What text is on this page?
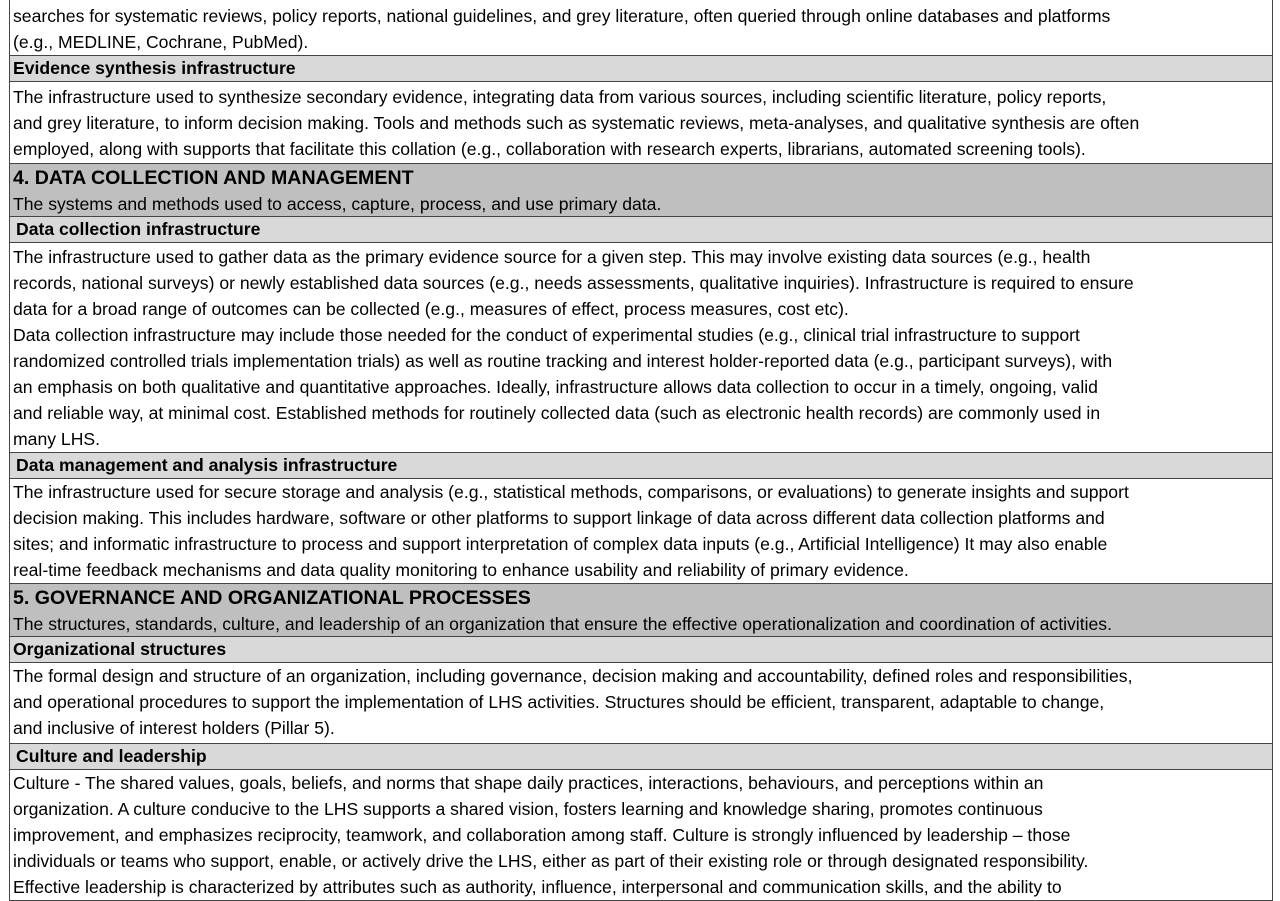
searches for systematic reviews, policy reports, national guidelines, and grey literature, often queried through online databases and platforms
(e.g., MEDLINE, Cochrane, PubMed).
Evidence synthesis infrastructure
The infrastructure used to synthesize secondary evidence, integrating data from various sources, including scientific literature, policy reports,
and grey literature, to inform decision making. Tools and methods such as systematic reviews, meta-analyses, and qualitative synthesis are often
employed, along with supports that facilitate this collation (e.g., collaboration with research experts, librarians, automated screening tools).
4. DATA COLLECTION AND MANAGEMENT
The systems and methods used to access, capture, process, and use primary data.
Data collection infrastructure
The infrastructure used to gather data as the primary evidence source for a given step. This may involve existing data sources (e.g., health
records, national surveys) or newly established data sources (e.g., needs assessments, qualitative inquiries). Infrastructure is required to ensure
data for a broad range of outcomes can be collected (e.g., measures of effect, process measures, cost etc).
Data collection infrastructure may include those needed for the conduct of experimental studies (e.g., clinical trial infrastructure to support
randomized controlled trials implementation trials) as well as routine tracking and interest holder-reported data (e.g., participant surveys), with
an emphasis on both qualitative and quantitative approaches. Ideally, infrastructure allows data collection to occur in a timely, ongoing, valid
and reliable way, at minimal cost. Established methods for routinely collected data (such as electronic health records) are commonly used in
many LHS.
Data management and analysis infrastructure
The infrastructure used for secure storage and analysis (e.g., statistical methods, comparisons, or evaluations) to generate insights and support
decision making. This includes hardware, software or other platforms to support linkage of data across different data collection platforms and
sites; and informatic infrastructure to process and support interpretation of complex data inputs (e.g., Artificial Intelligence) It may also enable
real-time feedback mechanisms and data quality monitoring to enhance usability and reliability of primary evidence.
5. GOVERNANCE AND ORGANIZATIONAL PROCESSES
The structures, standards, culture, and leadership of an organization that ensure the effective operationalization and coordination of activities.
Organizational structures
The formal design and structure of an organization, including governance, decision making and accountability, defined roles and responsibilities,
and operational procedures to support the implementation of LHS activities. Structures should be efficient, transparent, adaptable to change,
and inclusive of interest holders (Pillar 5).
Culture and leadership
Culture - The shared values, goals, beliefs, and norms that shape daily practices, interactions, behaviours, and perceptions within an
organization. A culture conducive to the LHS supports a shared vision, fosters learning and knowledge sharing, promotes continuous
improvement, and emphasizes reciprocity, teamwork, and collaboration among staff. Culture is strongly influenced by leadership – those
individuals or teams who support, enable, or actively drive the LHS, either as part of their existing role or through designated responsibility.
Effective leadership is characterized by attributes such as authority, influence, interpersonal and communication skills, and the ability to
